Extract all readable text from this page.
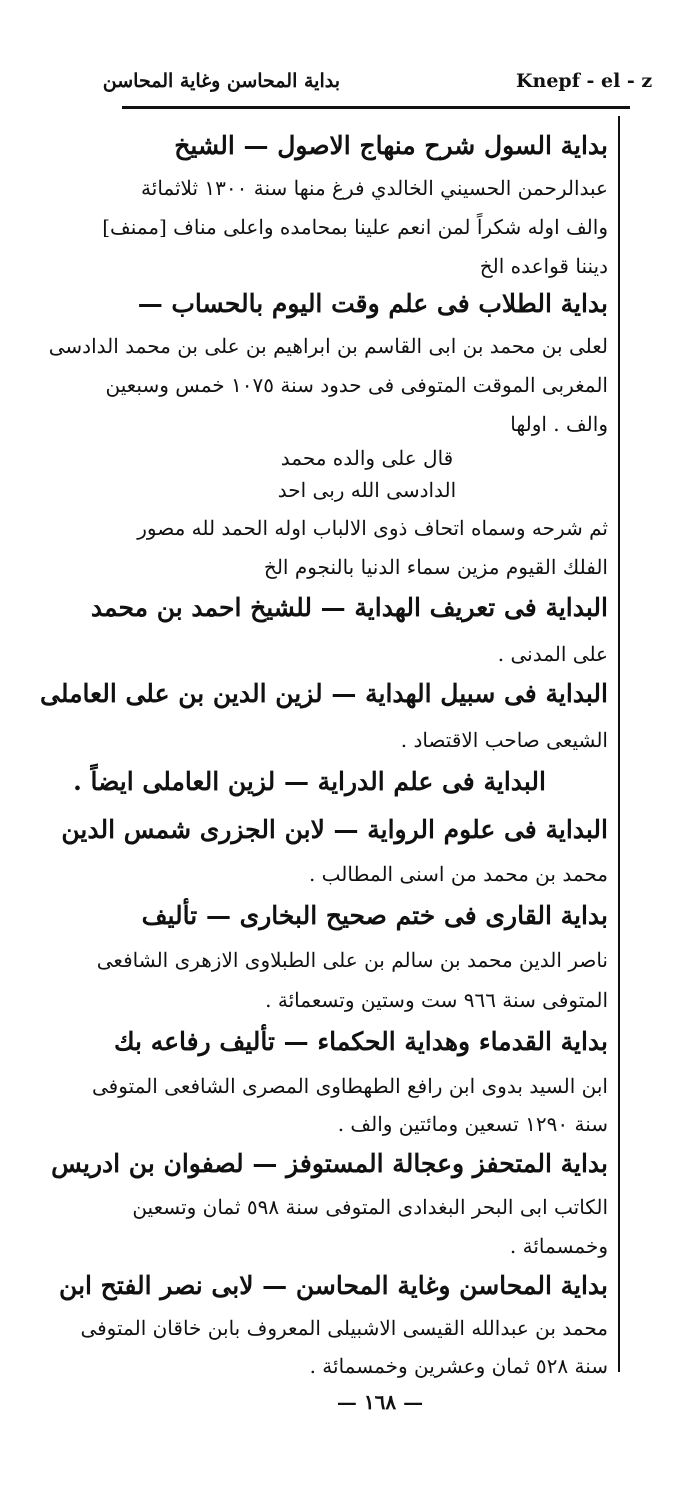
بداية المحاسن وغاية المحاسن	Knepf - el - z
بداية السول شرح منهاج الاصول — الشيخ
عبدالرحمن الحسيني الخالدي فرغ منها سنة ١٣٠٠ ثلاثمائة
والف اوله شكراً لمن انعم علينا بمحامده واعلى مناف [ممنف]
ديننا قواعده الخ
بداية الطلاب فى علم وقت اليوم بالحساب —
لعلى بن محمد بن ابى القاسم بن ابراهيم بن على بن محمد الدادسى
المغربى الموقت المتوفى فى حدود سنة ١٠٧٥ خمس وسبعين
والف . اولها
قال على والده محمد
الدادسى الله ربى احد
ثم شرحه وسماه اتحاف ذوى الالباب اوله الحمد لله مصور
الفلك القيوم مزين سماء الدنيا بالنجوم الخ
البداية فى تعريف الهداية — للشيخ احمد بن محمد
على المدنى .
البداية فى سبيل الهداية — لزين الدين بن على العاملى
الشيعى صاحب الاقتصاد .
البداية فى علم الدراية — لزين العاملى ايضاً .
البداية فى علوم الرواية — لابن الجزرى شمس الدين
محمد بن محمد من اسنى المطالب .
بداية القارى فى ختم صحيح البخارى — تأليف
ناصر الدين محمد بن سالم بن على الطبلاوى الازهرى الشافعى
المتوفى سنة ٩٦٦ ست وستين وتسعمائة .
بداية القدماء وهداية الحكماء — تأليف رفاعه بك
ابن السيد بدوى ابن رافع الطهطاوى المصرى الشافعى المتوفى
سنة ١٢٩٠ تسعين ومائتين والف .
بداية المتحفز وعجالة المستوفز — لصفوان بن ادريس
الكاتب ابى البحر البغدادى المتوفى سنة ٥٩٨ ثمان وتسعين
وخمسمائة .
بداية المحاسن وغاية المحاسن — لابى نصر الفتح ابن
محمد بن عبدالله القيسى الاشبيلى المعروف بابن خاقان المتوفى
سنة ٥٢٨ ثمان وعشرين وخمسمائة .
— ١٦٨ —
